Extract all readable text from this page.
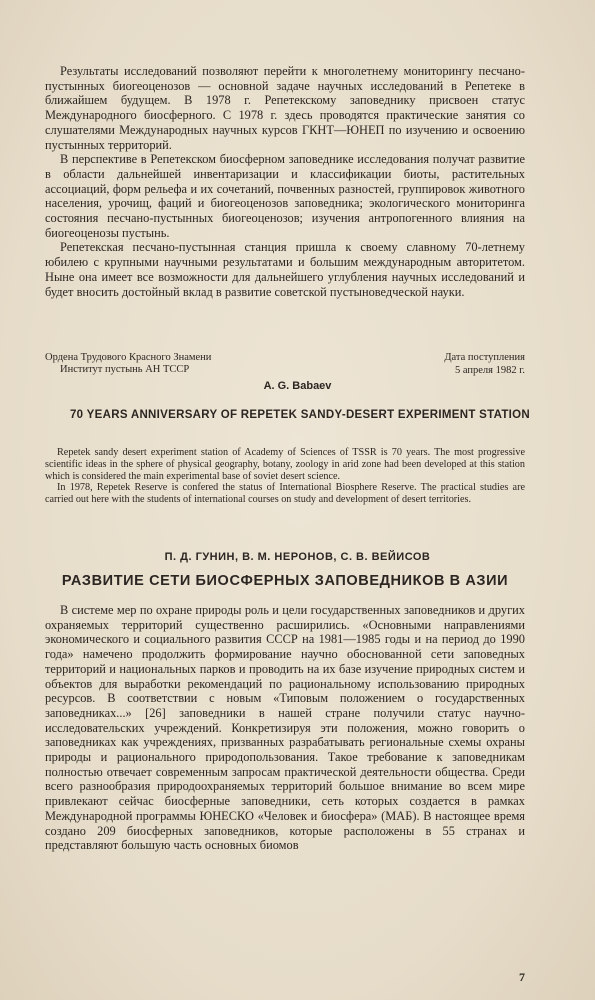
Результаты исследований позволяют перейти к многолетнему мониторингу песчано-пустынных биогеоценозов — основной задаче научных исследований в Репетеке в ближайшем будущем. В 1978 г. Репетекскому заповеднику присвоен статус Международного биосферного. С 1978 г. здесь проводятся практические занятия со слушателями Международных научных курсов ГКНТ—ЮНЕП по изучению и освоению пустынных территорий.

В перспективе в Репетекском биосферном заповеднике исследования получат развитие в области дальнейшей инвентаризации и классификации биоты, растительных ассоциаций, форм рельефа и их сочетаний, почвенных разностей, группировок животного населения, урочищ, фаций и биогеоценозов заповедника; экологического мониторинга состояния песчано-пустынных биогеоценозов; изучения антропогенного влияния на биогеоценозы пустынь.

Репетекская песчано-пустынная станция пришла к своему славному 70-летнему юбилею с крупными научными результатами и большим международным авторитетом. Ныне она имеет все возможности для дальнейшего углубления научных исследований и будет вносить достойный вклад в развитие советской пустыноведческой науки.

Ордена Трудового Красного Знамени
Институт пустынь АН ТССР
Дата поступления
5 апреля 1982 г.
A. G. Babaev
70 YEARS ANNIVERSARY OF REPETEK SANDY-DESERT EXPERIMENT STATION

Repetek sandy desert experiment station of Academy of Sciences of TSSR is 70 years. The most progressive scientific ideas in the sphere of physical geography, botany, zoology in arid zone had been developed at this station which is considered the main experimental base of soviet desert science.

In 1978, Repetek Reserve is confered the status of International Biosphere Reserve. The practical studies are carried out here with the students of international courses on study and development of desert territories.

П. Д. ГУНИН, В. М. НЕРОНОВ, С. В. ВЕЙИСОВ
РАЗВИТИЕ СЕТИ БИОСФЕРНЫХ ЗАПОВЕДНИКОВ В АЗИИ

В системе мер по охране природы роль и цели государственных заповедников и других охраняемых территорий существенно расширились. «Основными направлениями экономического и социального развития СССР на 1981—1985 годы и на период до 1990 года» намечено продолжить формирование научно обоснованной сети заповедных территорий и национальных парков и проводить на их базе изучение природных систем и объектов для выработки рекомендаций по рациональному использованию природных ресурсов. В соответствии с новым «Типовым положением о государственных заповедниках...» [26] заповедники в нашей стране получили статус научно-исследовательских учреждений. Конкретизируя эти положения, можно говорить о заповедниках как учреждениях, призванных разрабатывать региональные схемы охраны природы и рационального природопользования. Такое требование к заповедникам полностью отвечает современным запросам практической деятельности общества. Среди всего разнообразия природоохраняемых территорий большое внимание во всем мире привлекают сейчас биосферные заповедники, сеть которых создается в рамках Международной программы ЮНЕСКО «Человек и биосфера» (МАБ). В настоящее время создано 209 биосферных заповедников, которые расположены в 55 странах и представляют большую часть основных биомов

7
